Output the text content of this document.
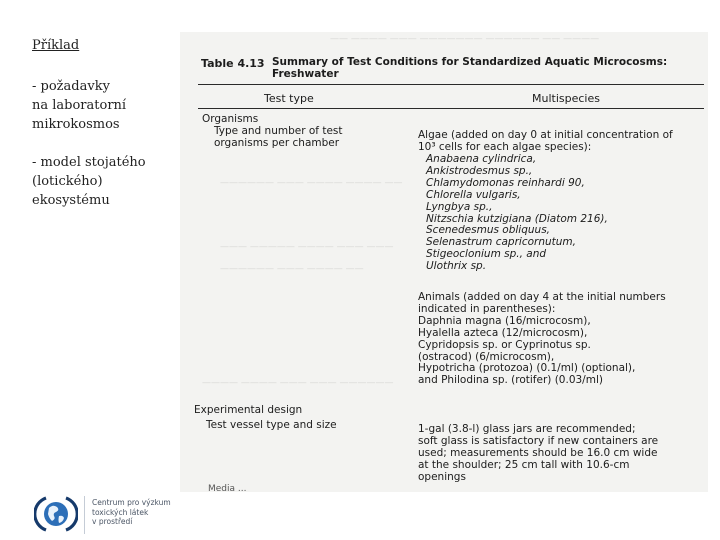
Příklad
- požadavky
na laboratorní
mikrokosmos
- model stojatého
(lotického) ekosystému
Centrum pro výzkum
toxických látek
v prostředí
—— ———— ——— ——————— —————— —— ————
—————— ——— ———— ———— ——
——— ————— ———— ——— ———
—————— ——— ———— ——
———— ———— ——— ——— ——————
Table 4.13 Summary of Test Conditions for Standardized Aquatic Microcosms:
Freshwater
Test type	Multispecies
Organisms
Type and number of test
organisms per chamber
Algae (added on day 0 at initial concentration of
10³ cells for each algae species):
Anabaena cylindrica,
Ankistrodesmus sp.,
Chlamydomonas reinhardi 90,
Chlorella vulgaris,
Lyngbya sp.,
Nitzschia kutzigiana (Diatom 216),
Scenedesmus obliquus,
Selenastrum capricornutum,
Stigeoclonium sp., and
Ulothrix sp.
Animals (added on day 4 at the initial numbers
indicated in parentheses):
Daphnia magna (16/microcosm),
Hyalella azteca (12/microcosm),
Cypridopsis sp. or Cyprinotus sp.
(ostracod) (6/microcosm),
Hypotricha (protozoa) (0.1/ml) (optional),
and Philodina sp. (rotifer) (0.03/ml)
Experimental design
Test vessel type and size	1-gal (3.8-l) glass jars are recommended;
soft glass is satisfactory if new containers are
used; measurements should be 16.0 cm wide
at the shoulder; 25 cm tall with 10.6-cm
openings
Media ...
